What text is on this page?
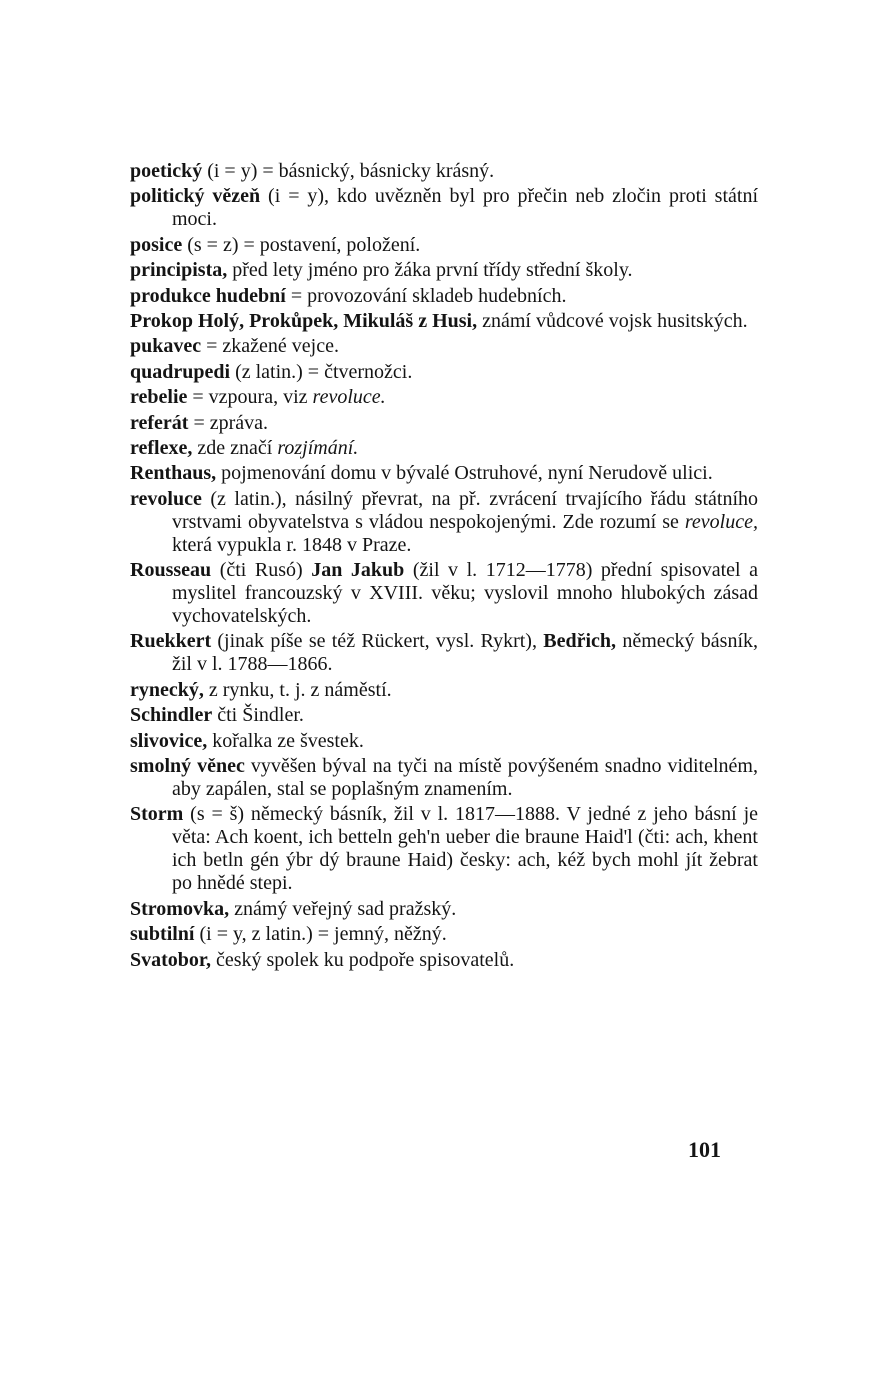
poetický (i = y) = básnický, básnicky krásný.

politický vězeň (i = y), kdo uvězněn byl pro přečin neb zločin proti státní moci.

posice (s = z) = postavení, položení.

principista, před lety jméno pro žáka první třídy střední školy.

produkce hudební = provozování skladeb hudebních.

Prokop Holý, Prokůpek, Mikuláš z Husi, známí vůdcové vojsk husitských.

pukavec = zkažené vejce.

quadrupedi (z latin.) = čtvernožci.

rebelie = vzpoura, viz revoluce.

referát = zpráva.

reflexe, zde značí rozjímání.

Renthaus, pojmenování domu v bývalé Ostruhové, nyní Nerudově ulici.

revoluce (z latin.), násilný převrat, na př. zvrácení trvajícího řádu státního vrstvami obyvatelstva s vládou nespokojenými. Zde rozumí se revoluce, která vypukla r. 1848 v Praze.

Rousseau (čti Rusó) Jan Jakub (žil v l. 1712—1778) přední spisovatel a myslitel francouzský v XVIII. věku; vyslovil mnoho hlubokých zásad vychovatelských.

Ruekkert (jinak píše se též Rückert, vysl. Rykrt), Bedřich, německý básník, žil v l. 1788—1866.

rynecký, z rynku, t. j. z náměstí.

Schindler čti Šindler.

slivovice, kořalka ze švestek.

smolný věnec vyvěšen býval na tyči na místě povýšeném snadno viditelném, aby zapálen, stal se poplašným znamením.

Storm (s = š) německý básník, žil v l. 1817—1888. V jedné z jeho básní je věta: Ach koent, ich betteln geh'n ueber die braune Haid'l (čti: ach, khent ich betln gén ýbr dý braune Haid) česky: ach, kéž bych mohl jít žebrat po hnědé stepi.

Stromovka, známý veřejný sad pražský.

subtilní (i = y, z latin.) = jemný, něžný.

Svatobor, český spolek ku podpoře spisovatelů.

101
